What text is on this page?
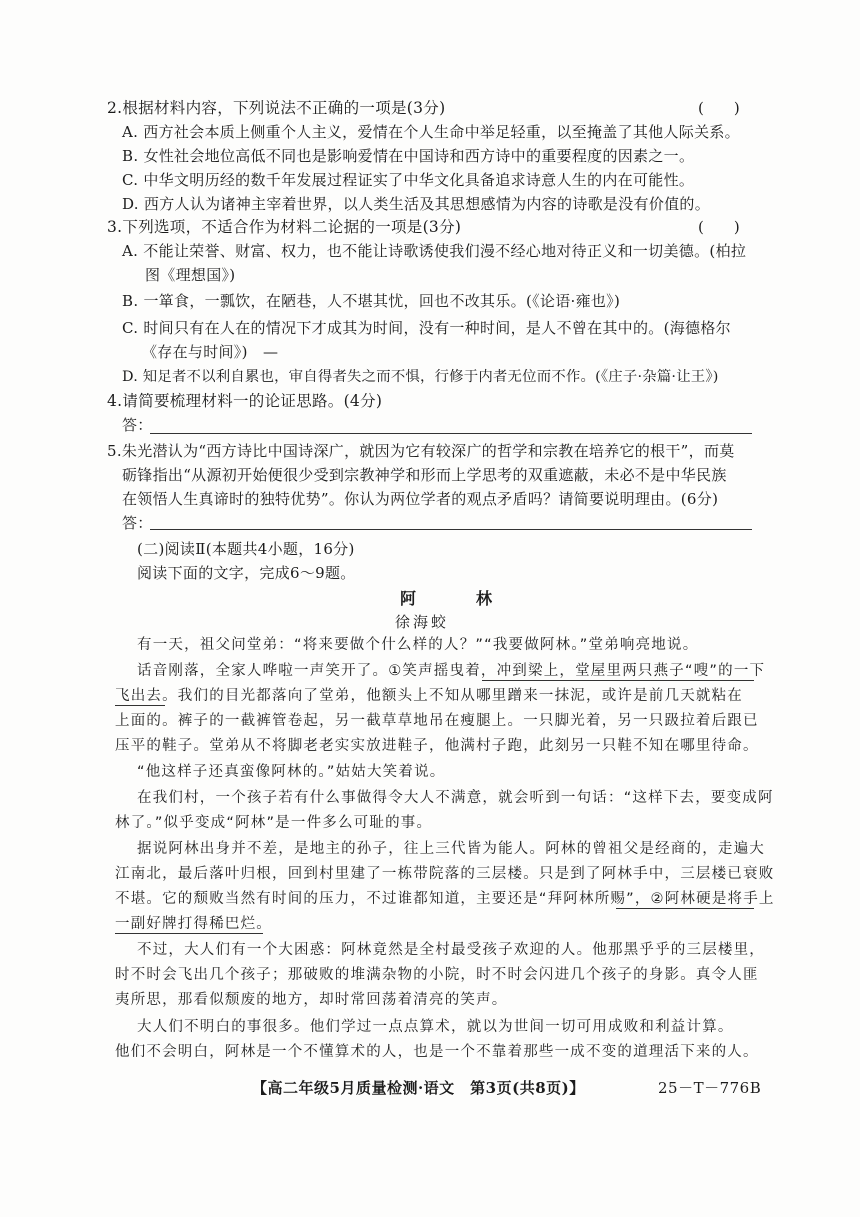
2.根据材料内容，下列说法不正确的一项是(3分)	(　　)
A. 西方社会本质上侧重个人主义，爱情在个人生命中举足轻重，以至掩盖了其他人际关系。
B. 女性社会地位高低不同也是影响爱情在中国诗和西方诗中的重要程度的因素之一。
C. 中华文明历经的数千年发展过程证实了中华文化具备追求诗意人生的内在可能性。
D. 西方人认为诸神主宰着世界，以人类生活及其思想感情为内容的诗歌是没有价值的。
3.下列选项，不适合作为材料二论据的一项是(3分)	(　　)
A. 不能让荣誉、财富、权力，也不能让诗歌诱使我们漫不经心地对待正义和一切美德。(柏拉
图《理想国》)
B. 一箪食，一瓢饮，在陋巷，人不堪其忧，回也不改其乐。(《论语·雍也》)
C. 时间只有在人在的情况下才成其为时间，没有一种时间，是人不曾在其中的。(海德格尔
《存在与时间》)　—
D. 知足者不以利自累也，审自得者失之而不惧，行修于内者无位而不作。(《庄子·杂篇·让王》)
4.请简要梳理材料一的论证思路。(4分)
答：
5.朱光潜认为“西方诗比中国诗深广，就因为它有较深广的哲学和宗教在培养它的根干”，而莫
砺锋指出“从源初开始便很少受到宗教神学和形而上学思考的双重遮蔽，未必不是中华民族
在领悟人生真谛时的独特优势”。你认为两位学者的观点矛盾吗？请简要说明理由。(6分)
答：
(二)阅读Ⅱ(本题共4小题，16分)
阅读下面的文字，完成6～9题。
阿　林
徐海蛟
有一天，祖父问堂弟：“将来要做个什么样的人？”“我要做阿林。”堂弟响亮地说。
话音刚落，全家人哗啦一声笑开了。①笑声摇曳着，冲到梁上，堂屋里两只燕子“嗖”的一下
飞出去。我们的目光都落向了堂弟，他额头上不知从哪里蹭来一抹泥，或许是前几天就粘在
上面的。裤子的一截裤管卷起，另一截草草地吊在瘦腿上。一只脚光着，另一只趿拉着后跟已
压平的鞋子。堂弟从不将脚老老实实放进鞋子，他满村子跑，此刻另一只鞋不知在哪里待命。
“他这样子还真蛮像阿林的。”姑姑大笑着说。
在我们村，一个孩子若有什么事做得令大人不满意，就会听到一句话：“这样下去，要变成阿
林了。”似乎变成“阿林”是一件多么可耻的事。
据说阿林出身并不差，是地主的孙子，往上三代皆为能人。阿林的曾祖父是经商的，走遍大
江南北，最后落叶归根，回到村里建了一栋带院落的三层楼。只是到了阿林手中，三层楼已衰败
不堪。它的颓败当然有时间的压力，不过谁都知道，主要还是“拜阿林所赐”，②阿林硬是将手上
一副好牌打得稀巴烂。
不过，大人们有一个大困惑：阿林竟然是全村最受孩子欢迎的人。他那黑乎乎的三层楼里，
时不时会飞出几个孩子；那破败的堆满杂物的小院，时不时会闪进几个孩子的身影。真令人匪
夷所思，那看似颓废的地方，却时常回荡着清亮的笑声。
大人们不明白的事很多。他们学过一点点算术，就以为世间一切可用成败和利益计算。
他们不会明白，阿林是一个不懂算术的人，也是一个不靠着那些一成不变的道理活下来的人。
【高二年级5月质量检测·语文　第3页(共8页)】	25－T－776B
